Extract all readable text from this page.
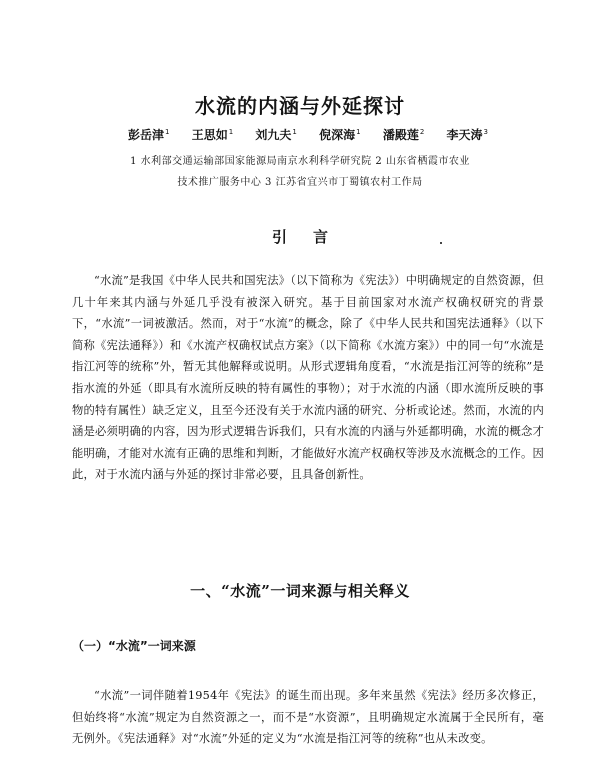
水流的内涵与外延探讨
彭岳津$^1$ 王思如$^1$ 刘九夫$^1$ 倪深海$^1$ 潘殿莲$^2$ 李天涛$^3$

1 水利部交通运输部国家能源局南京水利科学研究院 2 山东省栖霞市农业

技术推广服务中心 3 江苏省宜兴市丁蜀镇农村工作局

引言

“水流”是我国《中华人民共和国宪法》（以下简称为《宪法》）中明确规定的自然资源，但几十年来其内涵与外延几乎没有被深入研究。基于目前国家对水流产权确权研究的背景下，“水流”一词被激活。然而，对于“水流”的概念，除了《中华人民共和国宪法通释》（以下简称《宪法通释》）和《水流产权确权试点方案》（以下简称《水流方案》）中的同一句“水流是指江河等的统称”外，暂无其他解释或说明。从形式逻辑角度看，“水流是指江河等的统称”是指水流的外延（即具有水流所反映的特有属性的事物）；对于水流的内涵（即水流所反映的事物的特有属性）缺乏定义，且至今还没有关于水流内涵的研究、分析或论述。然而，水流的内涵是必须明确的内容，因为形式逻辑告诉我们，只有水流的内涵与外延都明确，水流的概念才能明确，才能对水流有正确的思维和判断，才能做好水流产权确权等涉及水流概念的工作。因此，对于水流内涵与外延的探讨非常必要，且具备创新性。

一、“水流”一词来源与相关释义
（一）“水流”一词来源

“水流”一词伴随着1954年《宪法》的诞生而出现。多年来虽然《宪法》经历多次修正，但始终将“水流”规定为自然资源之一，而不是“水资源”，且明确规定水流属于全民所有，毫无例外。《宪法通释》对“水流”外延的定义为“水流是指江河等的统称”也从未改变。
